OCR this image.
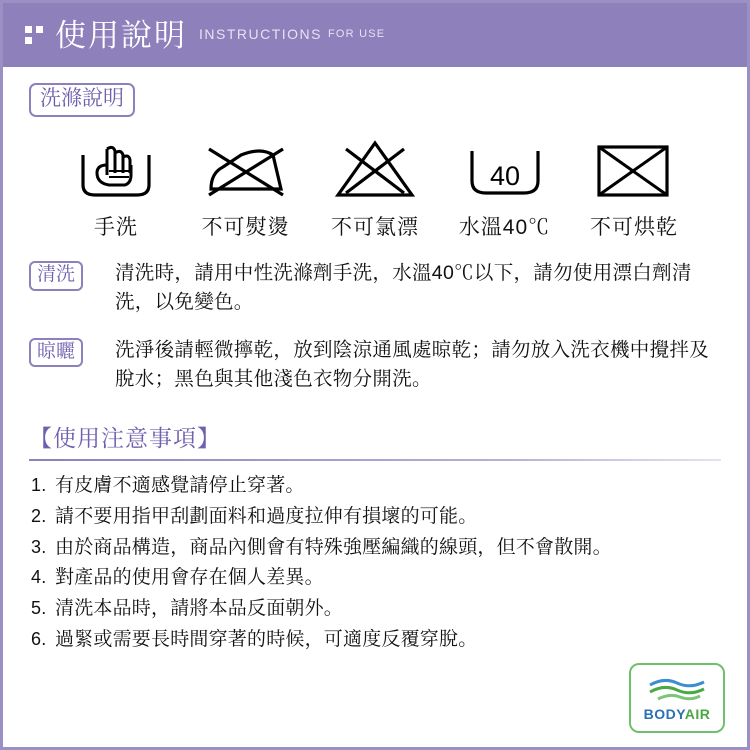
使用說明 INSTRUCTIONS FOR USE
洗滌說明
手洗	不可熨燙	不可氯漂
40
水溫40℃	不可烘乾
清洗	清洗時，請用中性洗滌劑手洗，水溫40℃以下，請勿使用漂白劑清洗，以免變色。

晾曬	洗淨後請輕微擰乾，放到陰涼通風處晾乾；請勿放入洗衣機中攪拌及脫水；黑色與其他淺色衣物分開洗。

【使用注意事項】
有皮膚不適感覺請停止穿著。
請不要用指甲刮劃面料和過度拉伸有損壞的可能。
由於商品構造，商品內側會有特殊強壓編織的線頭，但不會散開。
對產品的使用會存在個人差異。
清洗本品時，請將本品反面朝外。
過緊或需要長時間穿著的時候，可適度反覆穿脫。
BODYAIR
